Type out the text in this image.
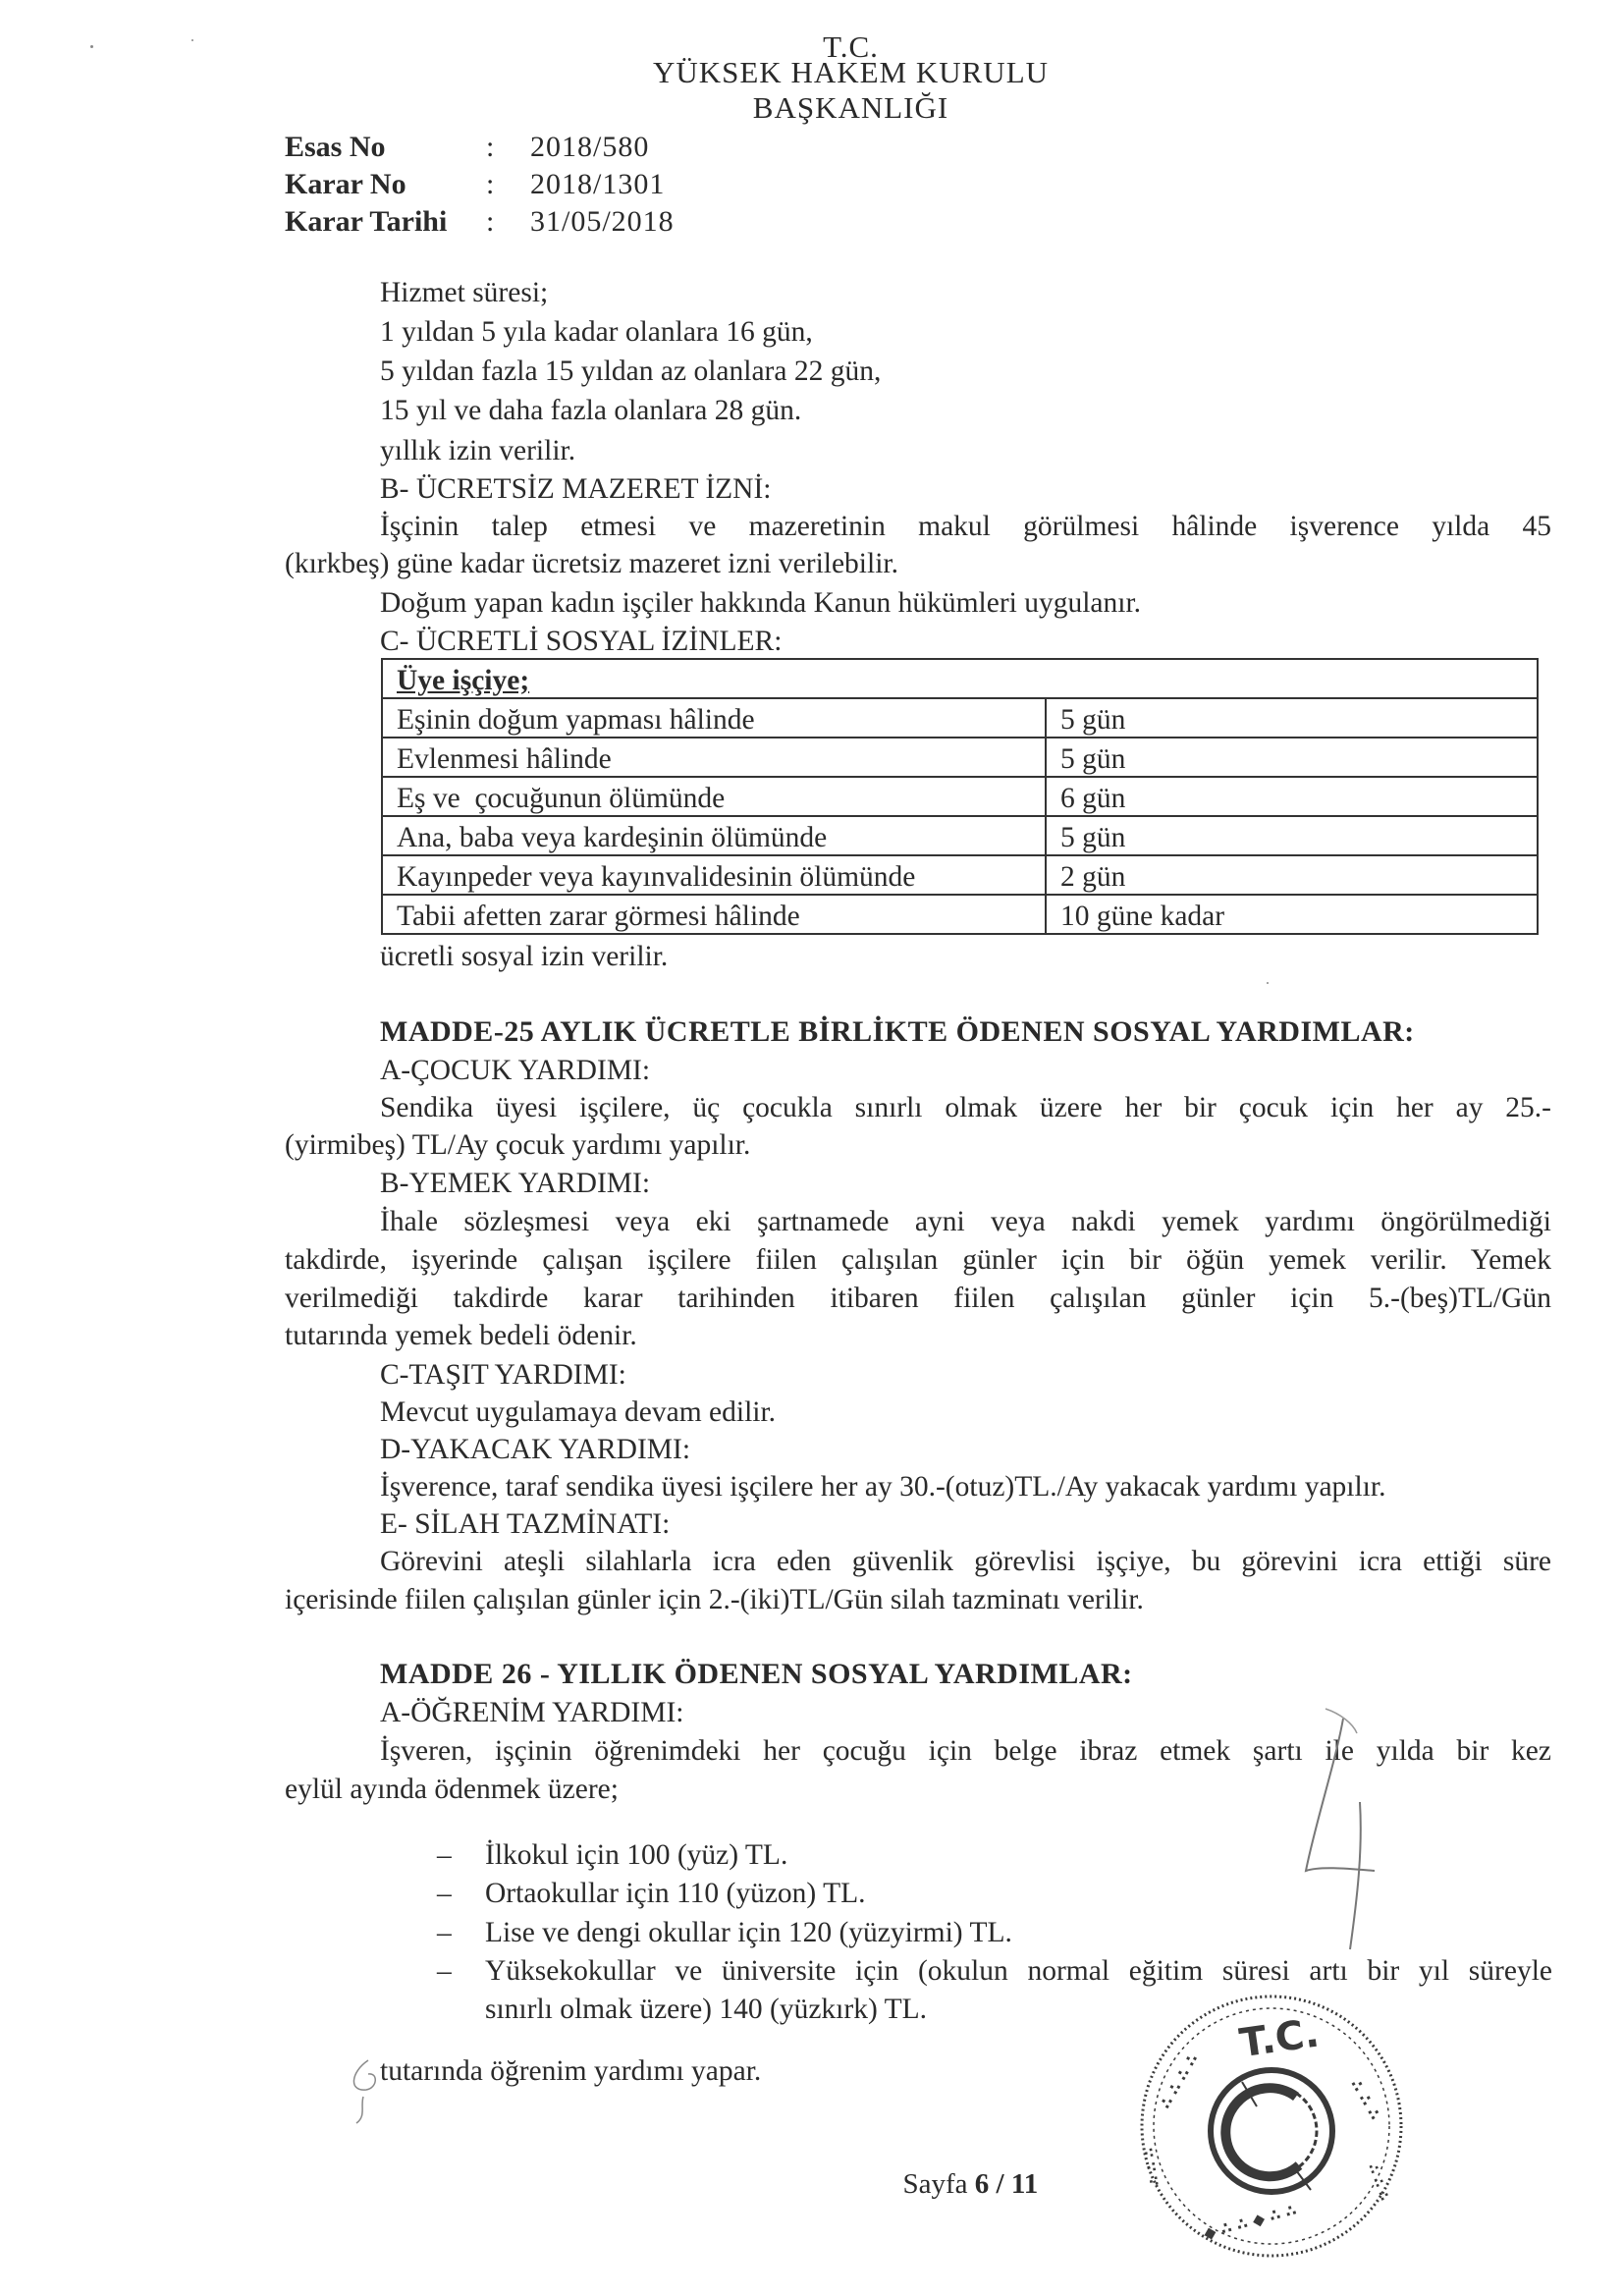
T.C.
YÜKSEK HAKEM KURULU
BAŞKANLIĞI
Esas No	: 2018/580
Karar No	: 2018/1301
Karar Tarihi : 31/05/2018
Hizmet süresi;
1 yıldan 5 yıla kadar olanlara 16 gün,
5 yıldan fazla 15 yıldan az olanlara 22 gün,
15 yıl ve daha fazla olanlara 28 gün.
yıllık izin verilir.
B- ÜCRETSİZ MAZERET İZNİ:
İşçinin talep etmesi ve mazeretinin makul görülmesi hâlinde işverence yılda 45
(kırkbeş) güne kadar ücretsiz mazeret izni verilebilir.
Doğum yapan kadın işçiler hakkında Kanun hükümleri uygulanır.
C- ÜCRETLİ SOSYAL İZİNLER:
Üye işçiye;	
Eşinin doğum yapması hâlinde	5 gün
Evlenmesi hâlinde	5 gün
Eş ve  çocuğunun ölümünde	6 gün
Ana, baba veya kardeşinin ölümünde	5 gün
Kayınpeder veya kayınvalidesinin ölümünde	2 gün
Tabii afetten zarar görmesi hâlinde	10 güne kadar
ücretli sosyal izin verilir.
MADDE-25 AYLIK ÜCRETLE BİRLİKTE ÖDENEN SOSYAL YARDIMLAR:
A-ÇOCUK YARDIMI:
Sendika üyesi işçilere, üç çocukla sınırlı olmak üzere her bir çocuk için her ay 25.-
(yirmibeş) TL/Ay çocuk yardımı yapılır.
B-YEMEK YARDIMI:
İhale sözleşmesi veya eki şartnamede ayni veya nakdi yemek yardımı öngörülmediği
takdirde, işyerinde çalışan işçilere fiilen çalışılan günler için bir öğün yemek verilir. Yemek
verilmediği takdirde karar tarihinden itibaren fiilen çalışılan günler için 5.-(beş)TL/Gün
tutarında yemek bedeli ödenir.
C-TAŞIT YARDIMI:
Mevcut uygulamaya devam edilir.
D-YAKACAK YARDIMI:
İşverence, taraf sendika üyesi işçilere her ay 30.-(otuz)TL./Ay yakacak yardımı yapılır.
E- SİLAH TAZMİNATI:
Görevini ateşli silahlarla icra eden güvenlik görevlisi işçiye, bu görevini icra ettiği süre
içerisinde fiilen çalışılan günler için 2.-(iki)TL/Gün silah tazminatı verilir.
MADDE 26 - YILLIK ÖDENEN SOSYAL YARDIMLAR:
A-ÖĞRENİM YARDIMI:
İşveren, işçinin öğrenimdeki her çocuğu için belge ibraz etmek şartı ile yılda bir kez
eylül ayında ödenmek üzere;
– İlkokul için 100 (yüz) TL.
– Ortaokullar için 110 (yüzon) TL.
– Lise ve dengi okullar için 120 (yüzyirmi) TL.
– Yüksekokullar ve üniversite için (okulun normal eğitim süresi artı bir yıl süreyle
sınırlı olmak üzere) 140 (yüzkırk) TL.
tutarında öğrenim yardımı yapar.

Sayfa 6 / 11

T.C.
∴ ∴ ∴ ∴	∴ ∴ ∴
◆ ∴ ∴ ◆ ∴ ∴
∴ ∴ ∴
∴ ∴ ∴
